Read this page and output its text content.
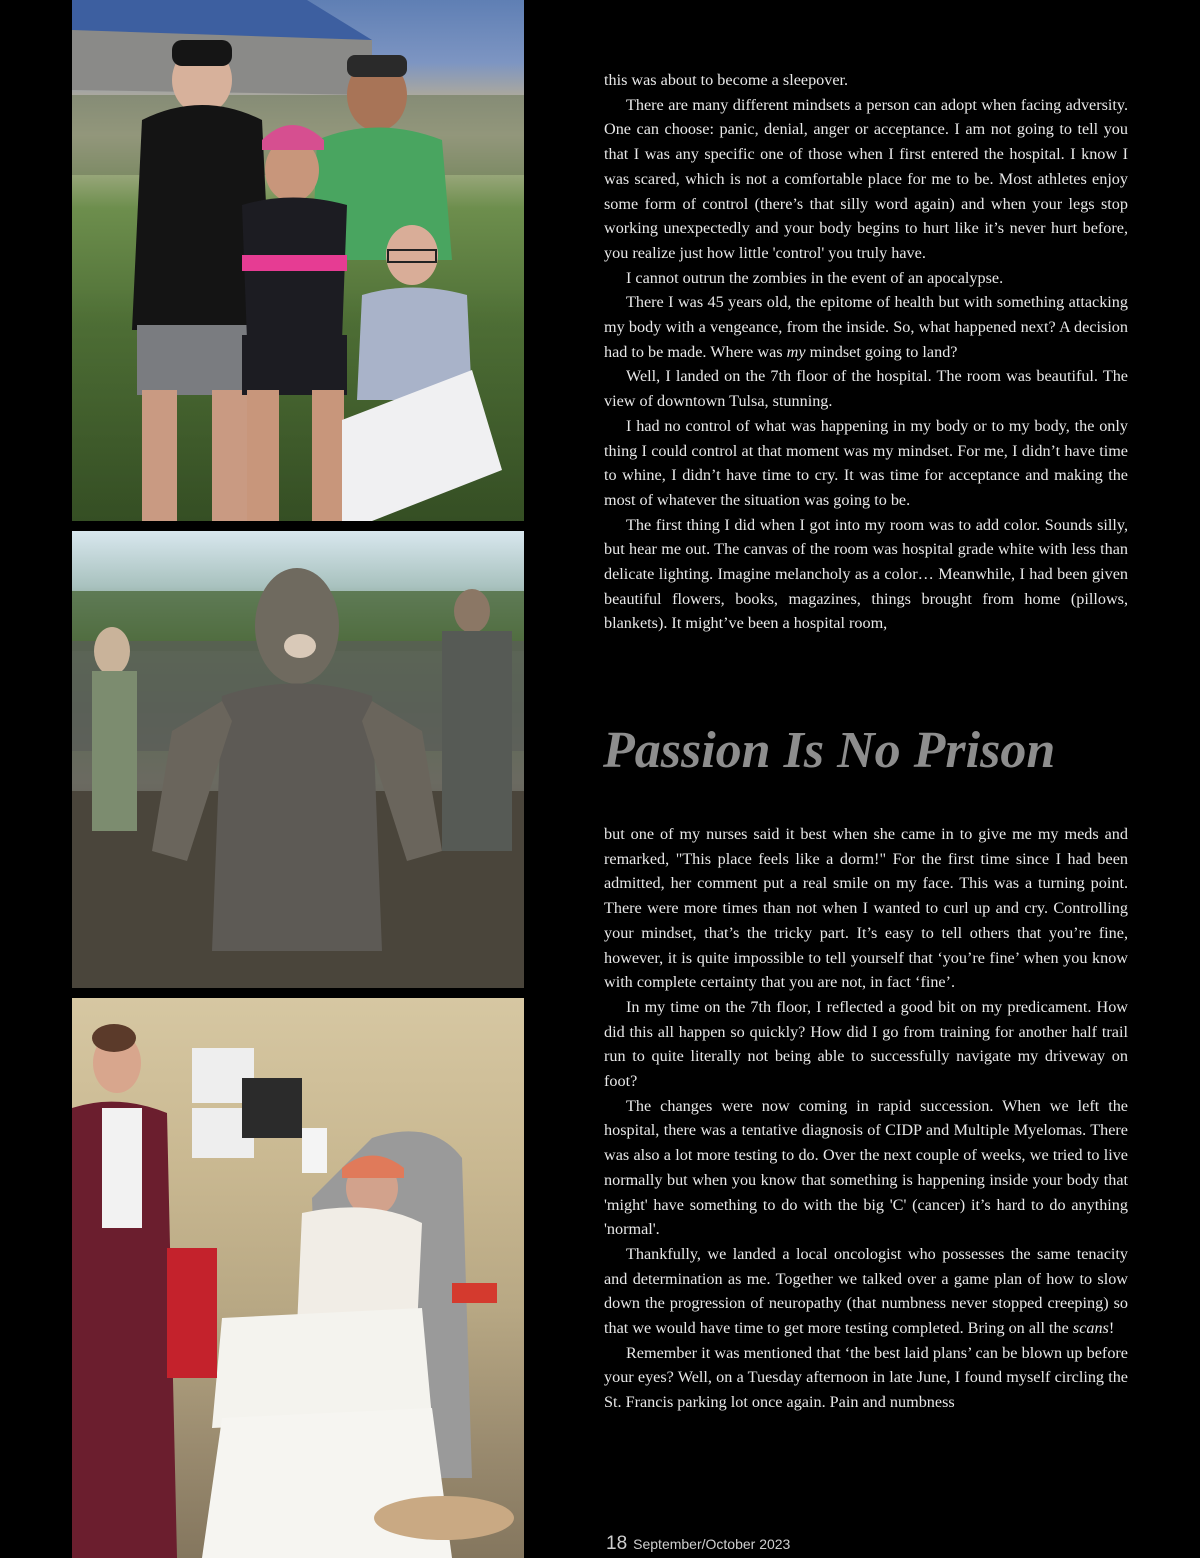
this was about to become a sleepover.

There are many different mindsets a person can adopt when facing adversity. One can choose: panic, denial, anger or acceptance. I am not going to tell you that I was any specific one of those when I first entered the hospital. I know I was scared, which is not a comfortable place for me to be. Most athletes enjoy some form of control (there’s that silly word again) and when your legs stop working unexpectedly and your body begins to hurt like it’s never hurt before, you realize just how little 'control' you truly have.

I cannot outrun the zombies in the event of an apocalypse.

There I was 45 years old, the epitome of health but with something attacking my body with a vengeance, from the inside. So, what happened next? A decision had to be made. Where was my mindset going to land?

Well, I landed on the 7th floor of the hospital. The room was beautiful. The view of downtown Tulsa, stunning.

I had no control of what was happening in my body or to my body, the only thing I could control at that moment was my mindset. For me, I didn’t have time to whine, I didn’t have time to cry. It was time for acceptance and making the most of whatever the situation was going to be.

The first thing I did when I got into my room was to add color. Sounds silly, but hear me out. The canvas of the room was hospital grade white with less than delicate lighting. Imagine melancholy as a color… Meanwhile, I had been given beautiful flowers, books, magazines, things brought from home (pillows, blankets). It might’ve been a hospital room,

Passion Is No Prison

but one of my nurses said it best when she came in to give me my meds and remarked, "This place feels like a dorm!" For the first time since I had been admitted, her comment put a real smile on my face. This was a turning point. There were more times than not when I wanted to curl up and cry. Controlling your mindset, that’s the tricky part. It’s easy to tell others that you’re fine, however, it is quite impossible to tell yourself that ‘you’re fine’ when you know with complete certainty that you are not, in fact ‘fine’.

In my time on the 7th floor, I reflected a good bit on my predicament. How did this all happen so quickly? How did I go from training for another half trail run to quite literally not being able to successfully navigate my driveway on foot?

The changes were now coming in rapid succession. When we left the hospital, there was a tentative diagnosis of CIDP and Multiple Myelomas. There was also a lot more testing to do. Over the next couple of weeks, we tried to live normally but when you know that something is happening inside your body that 'might' have something to do with the big 'C' (cancer) it’s hard to do anything 'normal'.

Thankfully, we landed a local oncologist who possesses the same tenacity and determination as me. Together we talked over a game plan of how to slow down the progression of neuropathy (that numbness never stopped creeping) so that we would have time to get more testing completed. Bring on all the scans!

Remember it was mentioned that ‘the best laid plans’ can be blown up before your eyes? Well, on a Tuesday afternoon in late June, I found myself circling the St. Francis parking lot once again. Pain and numbness

18 September/October 2023
